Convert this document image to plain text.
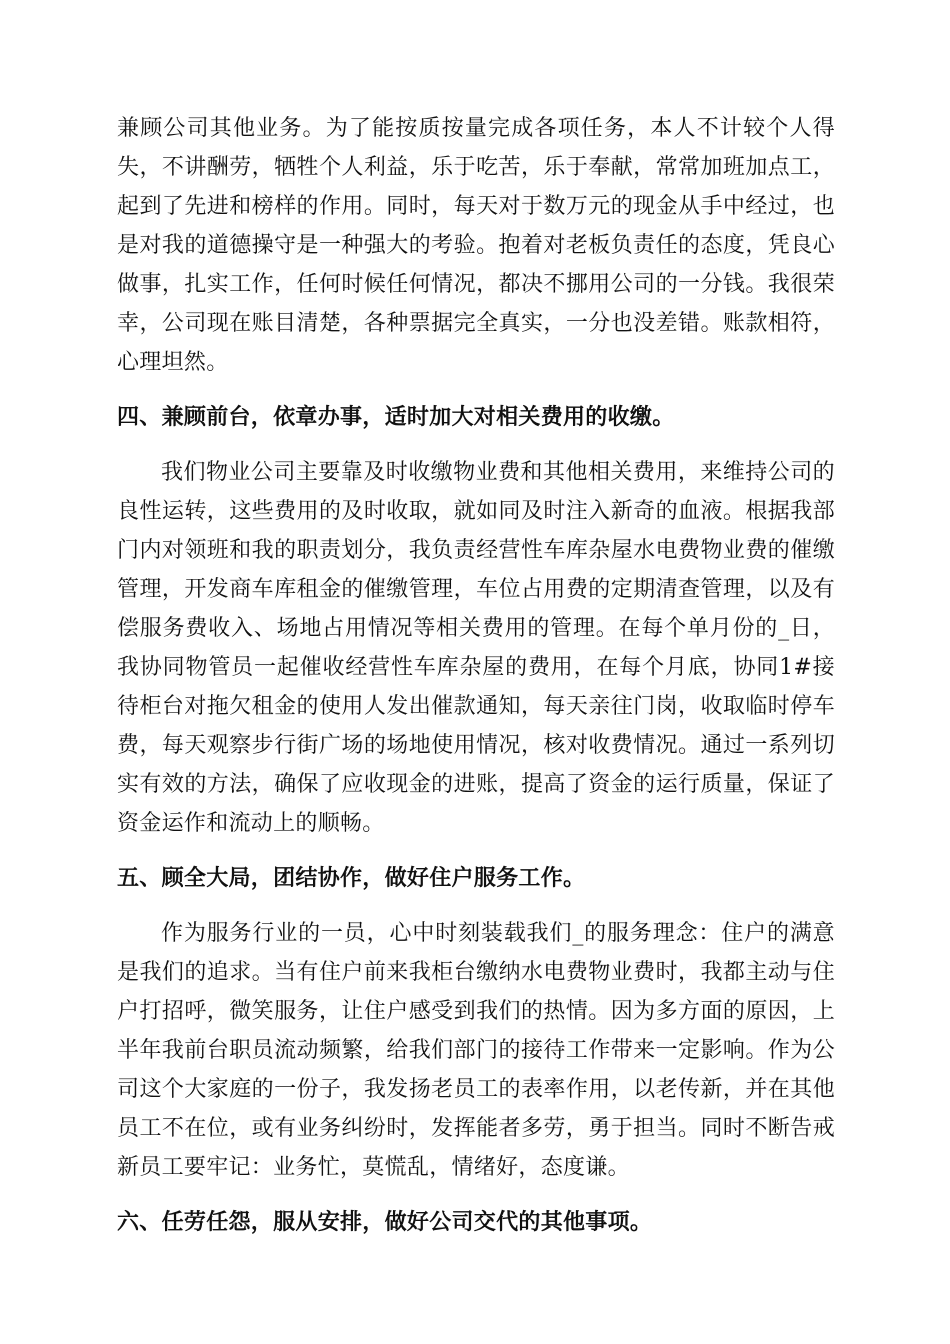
兼顾公司其他业务。为了能按质按量完成各项任务，本人不计较个人得失，不讲酬劳，牺牲个人利益，乐于吃苦，乐于奉献，常常加班加点工，起到了先进和榜样的作用。同时，每天对于数万元的现金从手中经过，也是对我的道德操守是一种强大的考验。抱着对老板负责任的态度，凭良心做事，扎实工作，任何时候任何情况，都决不挪用公司的一分钱。我很荣幸，公司现在账目清楚，各种票据完全真实，一分也没差错。账款相符，心理坦然。

四、兼顾前台，依章办事，适时加大对相关费用的收缴。

我们物业公司主要靠及时收缴物业费和其他相关费用，来维持公司的良性运转，这些费用的及时收取，就如同及时注入新奇的血液。根据我部门内对领班和我的职责划分，我负责经营性车库杂屋水电费物业费的催缴管理，开发商车库租金的催缴管理，车位占用费的定期清查管理，以及有偿服务费收入、场地占用情况等相关费用的管理。在每个单月份的_日，我协同物管员一起催收经营性车库杂屋的费用，在每个月底，协同1#接待柜台对拖欠租金的使用人发出催款通知，每天亲往门岗，收取临时停车费，每天观察步行街广场的场地使用情况，核对收费情况。通过一系列切实有效的方法，确保了应收现金的进账，提高了资金的运行质量，保证了资金运作和流动上的顺畅。

五、顾全大局，团结协作，做好住户服务工作。

作为服务行业的一员，心中时刻装载我们_的服务理念：住户的满意是我们的追求。当有住户前来我柜台缴纳水电费物业费时，我都主动与住户打招呼，微笑服务，让住户感受到我们的热情。因为多方面的原因，上半年我前台职员流动频繁，给我们部门的接待工作带来一定影响。作为公司这个大家庭的一份子，我发扬老员工的表率作用，以老传新，并在其他员工不在位，或有业务纠纷时，发挥能者多劳，勇于担当。同时不断告戒新员工要牢记：业务忙，莫慌乱，情绪好，态度谦。

六、任劳任怨，服从安排，做好公司交代的其他事项。
